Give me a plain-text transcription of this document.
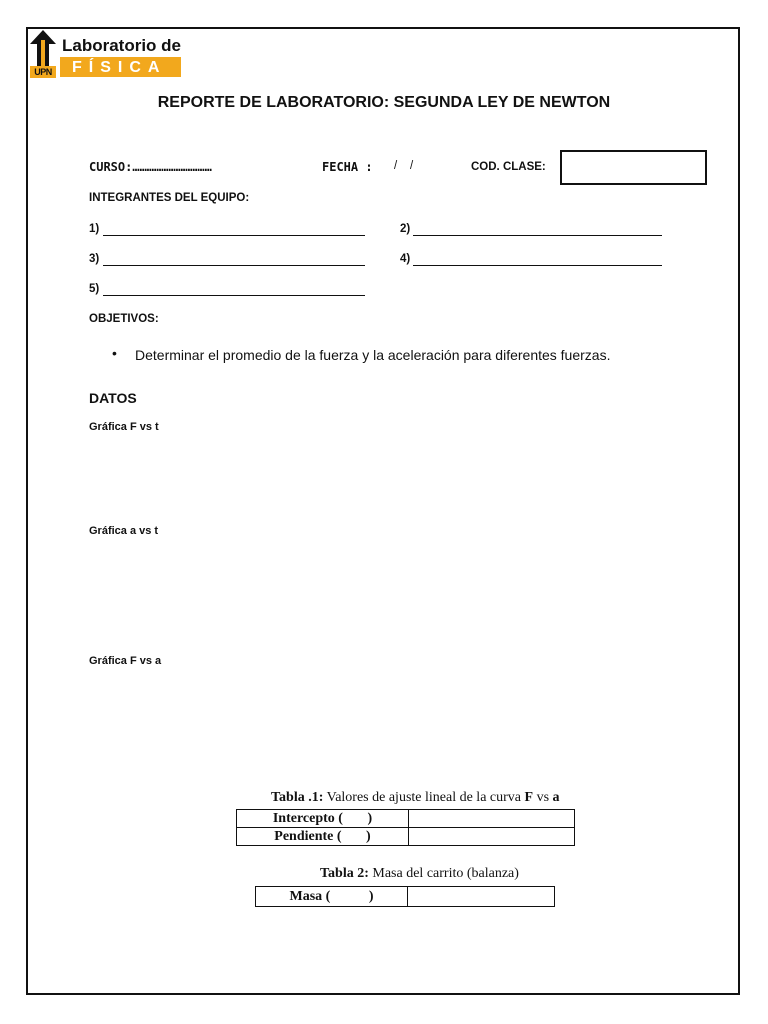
UPN
Laboratorio de
FÍSICA
REPORTE DE LABORATORIO: SEGUNDA LEY DE NEWTON
CURSO:……………………………	FECHA : /    /	COD. CLASE:
INTEGRANTES DEL EQUIPO:
1)	2)
3)	4)
5)
OBJETIVOS:
• Determinar el promedio de la fuerza y la aceleración para diferentes fuerzas.
DATOS
Gráfica F vs t
Gráfica a vs t
Gráfica F vs a
Tabla .1: Valores de ajuste lineal de la curva F vs a
Intercepto (       )	
Pendiente (       )	
Tabla 2: Masa del carrito (balanza)
Masa (           )	
